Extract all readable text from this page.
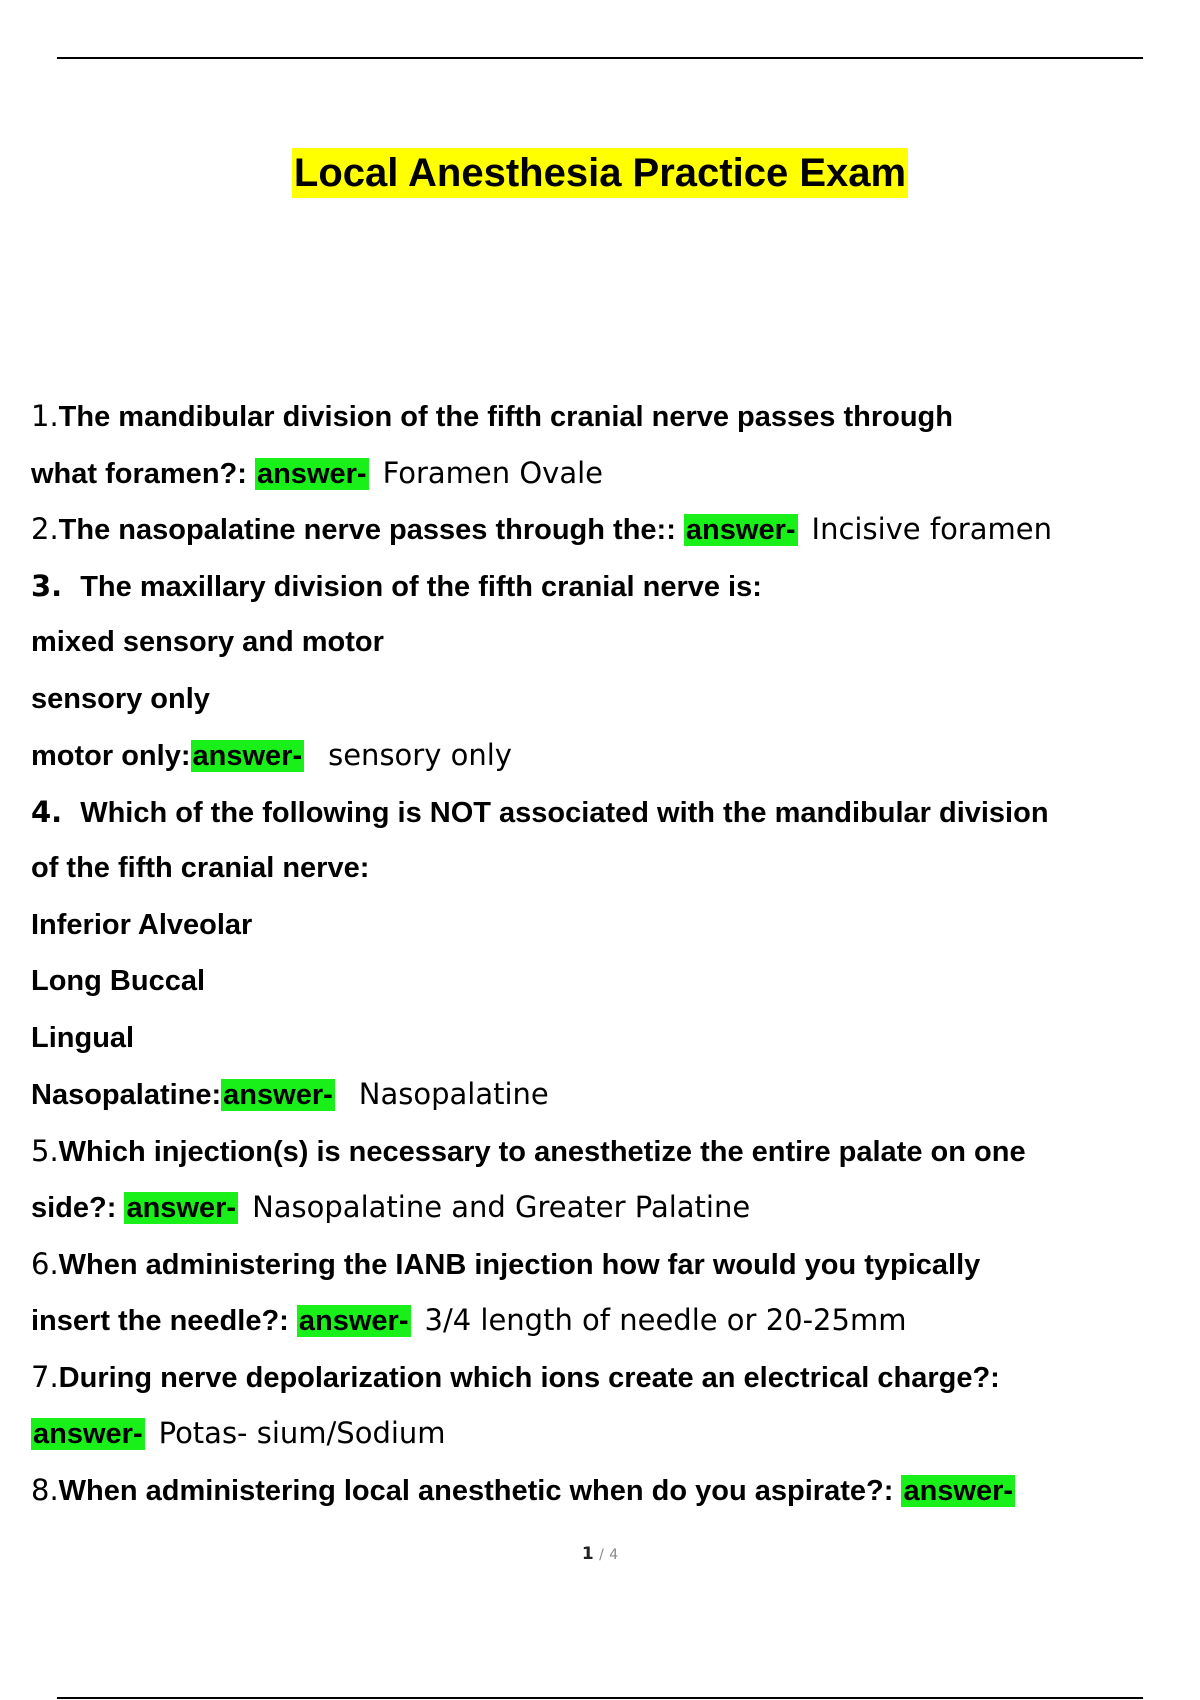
Local Anesthesia Practice Exam
1.The mandibular division of the fifth cranial nerve passes through
what foramen?: answer- Foramen Ovale
2.The nasopalatine nerve passes through the:: answer- Incisive foramen
3. The maxillary division of the fifth cranial nerve is:
mixed sensory and motor
sensory only
motor only:answer- sensory only
4. Which of the following is NOT associated with the mandibular division
of the fifth cranial nerve:
Inferior Alveolar
Long Buccal
Lingual
Nasopalatine:answer- Nasopalatine
5.Which injection(s) is necessary to anesthetize the entire palate on one
side?: answer- Nasopalatine and Greater Palatine
6.When administering the IANB injection how far would you typically
insert the needle?: answer- 3/4 length of needle or 20-25mm
7.During nerve depolarization which ions create an electrical charge?:
answer- Potas- sium/Sodium
8.When administering local anesthetic when do you aspirate?: answer-
1 / 4
